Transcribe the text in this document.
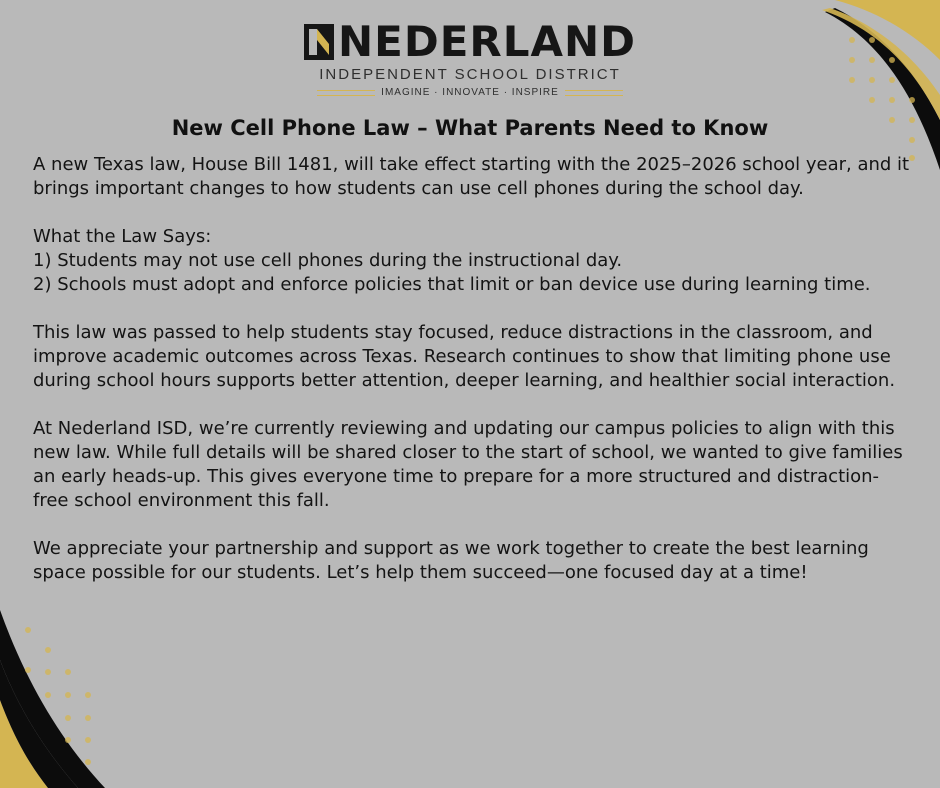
NEDERLAND
INDEPENDENT SCHOOL DISTRICT
IMAGINE · INNOVATE · INSPIRE
New Cell Phone Law – What Parents Need to Know

A new Texas law, House Bill 1481, will take effect starting with the 2025–2026 school year, and it brings important changes to how students can use cell phones during the school day.

What the Law Says:
1) Students may not use cell phones during the instructional day.
2) Schools must adopt and enforce policies that limit or ban device use during learning time.

This law was passed to help students stay focused, reduce distractions in the classroom, and improve academic outcomes across Texas. Research continues to show that limiting phone use during school hours supports better attention, deeper learning, and healthier social interaction.

At Nederland ISD, we’re currently reviewing and updating our campus policies to align with this new law. While full details will be shared closer to the start of school, we wanted to give families an early heads-up. This gives everyone time to prepare for a more structured and distraction-free school environment this fall.

We appreciate your partnership and support as we work together to create the best learning space possible for our students. Let’s help them succeed—one focused day at a time!
